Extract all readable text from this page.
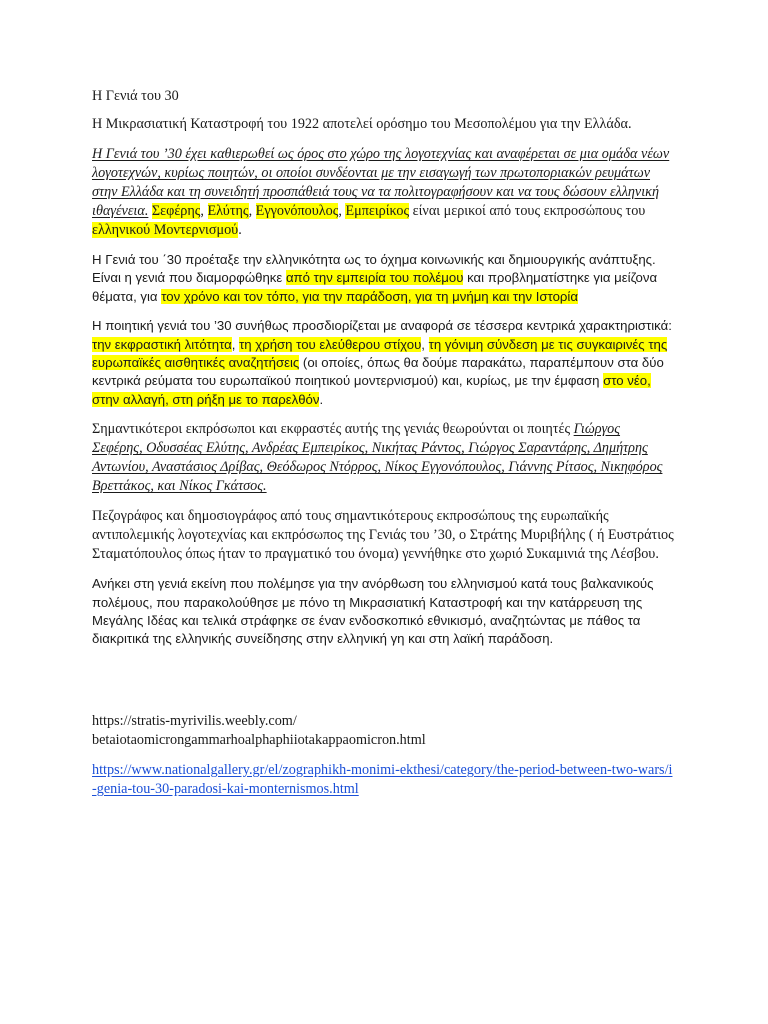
Η Γενιά του 30

Η Μικρασιατική Καταστροφή του 1922 αποτελεί ορόσημο του Μεσοπολέμου για την Ελλάδα.

Η Γενιά του ’30 έχει καθιερωθεί ως όρος στο χώρο της λογοτεχνίας και αναφέρεται σε μια ομάδα νέων λογοτεχνών, κυρίως ποιητών, οι οποίοι συνδέονται με την εισαγωγή των πρωτοποριακών ρευμάτων στην Ελλάδα και τη συνειδητή προσπάθειά τους να τα πολιτογραφήσουν και να τους δώσουν ελληνική ιθαγένεια. Σεφέρης, Ελύτης, Εγγονόπουλος, Εμπειρίκος είναι μερικοί από τους εκπροσώπους του ελληνικού Μοντερνισμού.

Η Γενιά του ΄30 προέταξε την ελληνικότητα ως το όχημα κοινωνικής και δημιουργικής ανάπτυξης. Είναι η γενιά που διαμορφώθηκε από την εμπειρία του πολέμου και προβληματίστηκε για μείζονα θέματα, για τον χρόνο και τον τόπο, για την παράδοση, για τη μνήμη και την Ιστορία

Η ποιητική γενιά του ’30 συνήθως προσδιορίζεται με αναφορά σε τέσσερα κεντρικά χαρακτηριστικά: την εκφραστική λιτότητα, τη χρήση του ελεύθερου στίχου, τη γόνιμη σύνδεση με τις συγκαιρινές της ευρωπαϊκές αισθητικές αναζητήσεις (οι οποίες, όπως θα δούμε παρακάτω, παραπέμπουν στα δύο κεντρικά ρεύματα του ευρωπαϊκού ποιητικού μοντερνισμού) και, κυρίως, με την έμφαση στο νέο, στην αλλαγή, στη ρήξη με το παρελθόν.

Σημαντικότεροι εκπρόσωποι και εκφραστές αυτής της γενιάς θεωρούνται οι ποιητές Γιώργος Σεφέρης, Οδυσσέας Ελύτης, Ανδρέας Εμπειρίκος, Νικήτας Ράντος, Γιώργος Σαραντάρης, Δημήτρης Αντωνίου, Αναστάσιος Δρίβας, Θεόδωρος Ντόρρος, Νίκος Εγγονόπουλος, Γιάννης Ρίτσος, Νικηφόρος Βρεττάκος, και Νίκος Γκάτσος.

Πεζογράφος και δημοσιογράφος από τους σημαντικότερους εκπροσώπους της ευρωπαϊκής αντιπολεμικής λογοτεχνίας και εκπρόσωπος της Γενιάς του ’30, ο Στράτης Μυριβήλης ( ή Ευστράτιος Σταματόπουλος όπως ήταν το πραγματικό του όνομα) γεννήθηκε στο χωριό Συκαμινιά της Λέσβου.

Ανήκει στη γενιά εκείνη που πολέμησε για την ανόρθωση του ελληνισμού κατά τους βαλκανικούς πολέμους, που παρακολούθησε με πόνο τη Μικρασιατική Καταστροφή και την κατάρρευση της Μεγάλης Ιδέας και τελικά στράφηκε σε έναν ενδοσκοπικό εθνικισμό, αναζητώντας με πάθος τα διακριτικά της ελληνικής συνείδησης στην ελληνική γη και στη λαϊκή παράδοση.

https://stratis-myrivilis.weebly.com/
betaiotaomicrongammarhoalphaphiiotakappaomicron.html

https://www.nationalgallery.gr/el/zographikh-monimi-ekthesi/category/the-period-between-two-wars/i-genia-tou-30-paradosi-kai-monternismos.html
